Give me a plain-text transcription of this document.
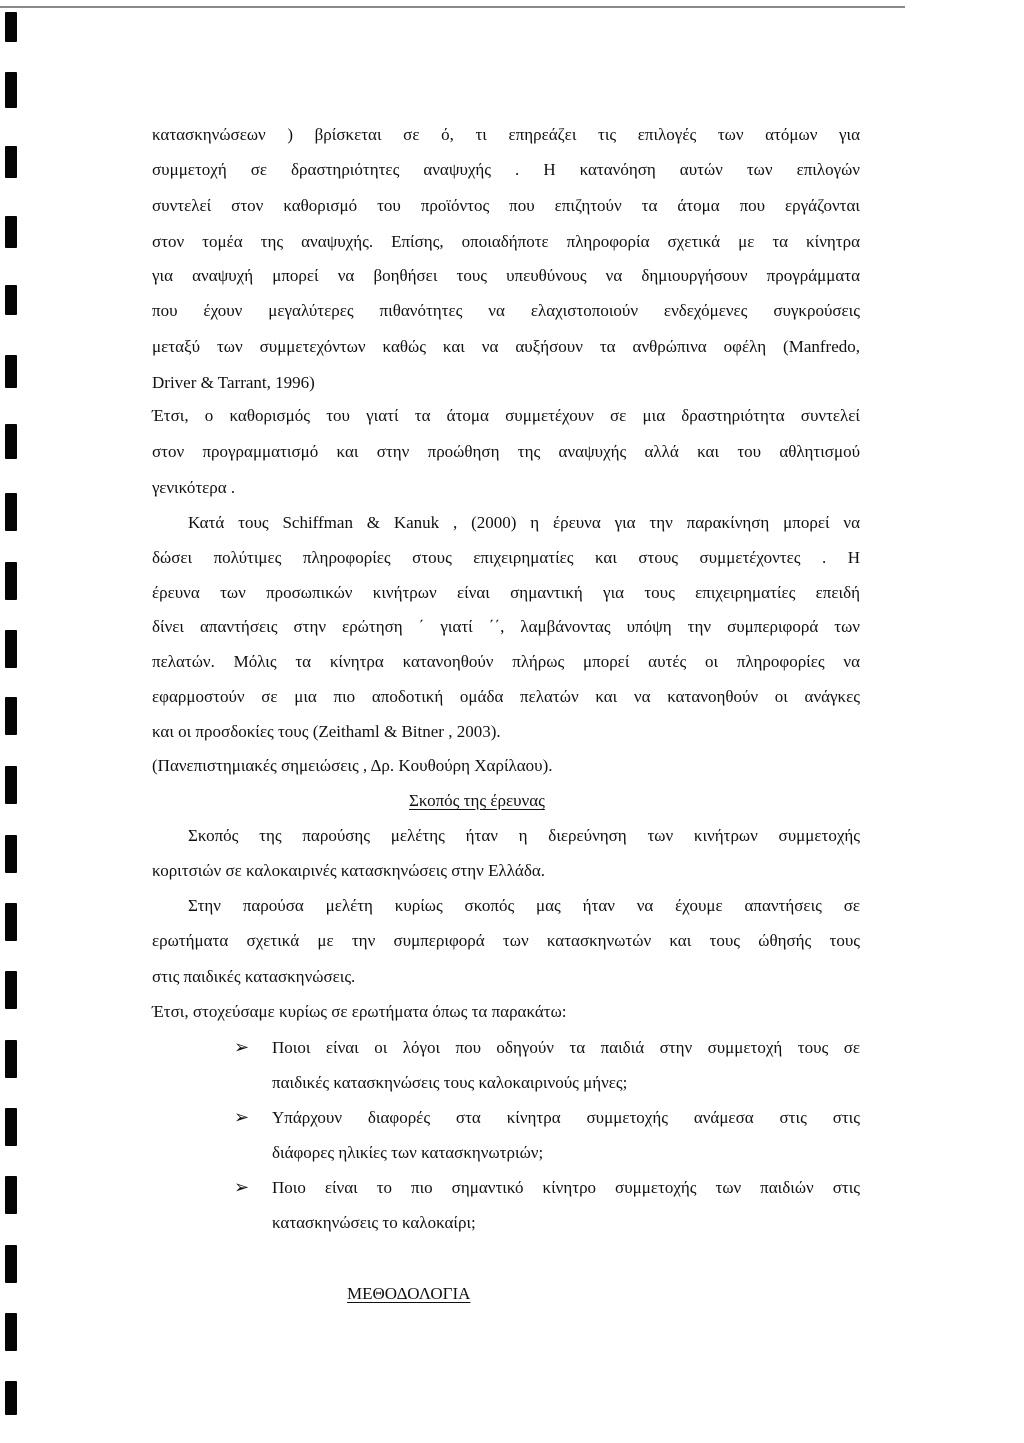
κατασκηνώσεων ) βρίσκεται σε ό, τι επηρεάζει τις επιλογές των ατόμων για

συμμετοχή σε δραστηριότητες αναψυχής . Η κατανόηση αυτών των επιλογών

συντελεί στον καθορισμό του προϊόντος που επιζητούν τα άτομα που εργάζονται

στον τομέα της αναψυχής. Επίσης, οποιαδήποτε πληροφορία σχετικά με τα κίνητρα

για αναψυχή μπορεί να βοηθήσει τους υπευθύνους να δημιουργήσουν προγράμματα

που έχουν μεγαλύτερες πιθανότητες να ελαχιστοποιούν ενδεχόμενες συγκρούσεις

μεταξύ των συμμετεχόντων καθώς και να αυξήσουν τα ανθρώπινα οφέλη (Manfredo,

Driver & Tarrant, 1996)

Έτσι, ο καθορισμός του γιατί τα άτομα συμμετέχουν σε μια δραστηριότητα συντελεί

στον προγραμματισμό και στην προώθηση της αναψυχής αλλά και του αθλητισμού

γενικότερα .

Κατά τους Schiffman & Kanuk , (2000) η έρευνα για την παρακίνηση μπορεί να

δώσει πολύτιμες πληροφορίες στους επιχειρηματίες και στους συμμετέχοντες . Η

έρευνα των προσωπικών κινήτρων είναι σημαντική για τους επιχειρηματίες επειδή

δίνει απαντήσεις στην ερώτηση ΄ γιατί ΄΄, λαμβάνοντας υπόψη την συμπεριφορά των

πελατών. Μόλις τα κίνητρα κατανοηθούν πλήρως μπορεί αυτές οι πληροφορίες να

εφαρμοστούν σε μια πιο αποδοτική ομάδα πελατών και να κατανοηθούν οι ανάγκες

και οι προσδοκίες τους (Zeithaml & Bitner , 2003).

(Πανεπιστημιακές σημειώσεις , Δρ. Κουθούρη Χαρίλαου).

Σκοπός της έρευνας

Σκοπός της παρούσης μελέτης ήταν η διερεύνηση των κινήτρων συμμετοχής

κοριτσιών σε καλοκαιρινές κατασκηνώσεις στην Ελλάδα.

Στην παρούσα μελέτη κυρίως σκοπός μας ήταν να έχουμε απαντήσεις σε

ερωτήματα σχετικά με την συμπεριφορά των κατασκηνωτών και τους ώθησής τους

στις παιδικές κατασκηνώσεις.

Έτσι, στοχεύσαμε κυρίως σε ερωτήματα όπως τα παρακάτω:

➢ Ποιοι είναι οι λόγοι που οδηγούν τα παιδιά στην συμμετοχή τους σε

παιδικές κατασκηνώσεις τους καλοκαιρινούς μήνες;

➢ Υπάρχουν διαφορές στα κίνητρα συμμετοχής ανάμεσα στις στις

διάφορες ηλικίες των κατασκηνωτριών;

➢ Ποιο είναι το πιο σημαντικό κίνητρο συμμετοχής των παιδιών στις

κατασκηνώσεις το καλοκαίρι;

ΜΕΘΟΔΟΛΟΓΙΑ
